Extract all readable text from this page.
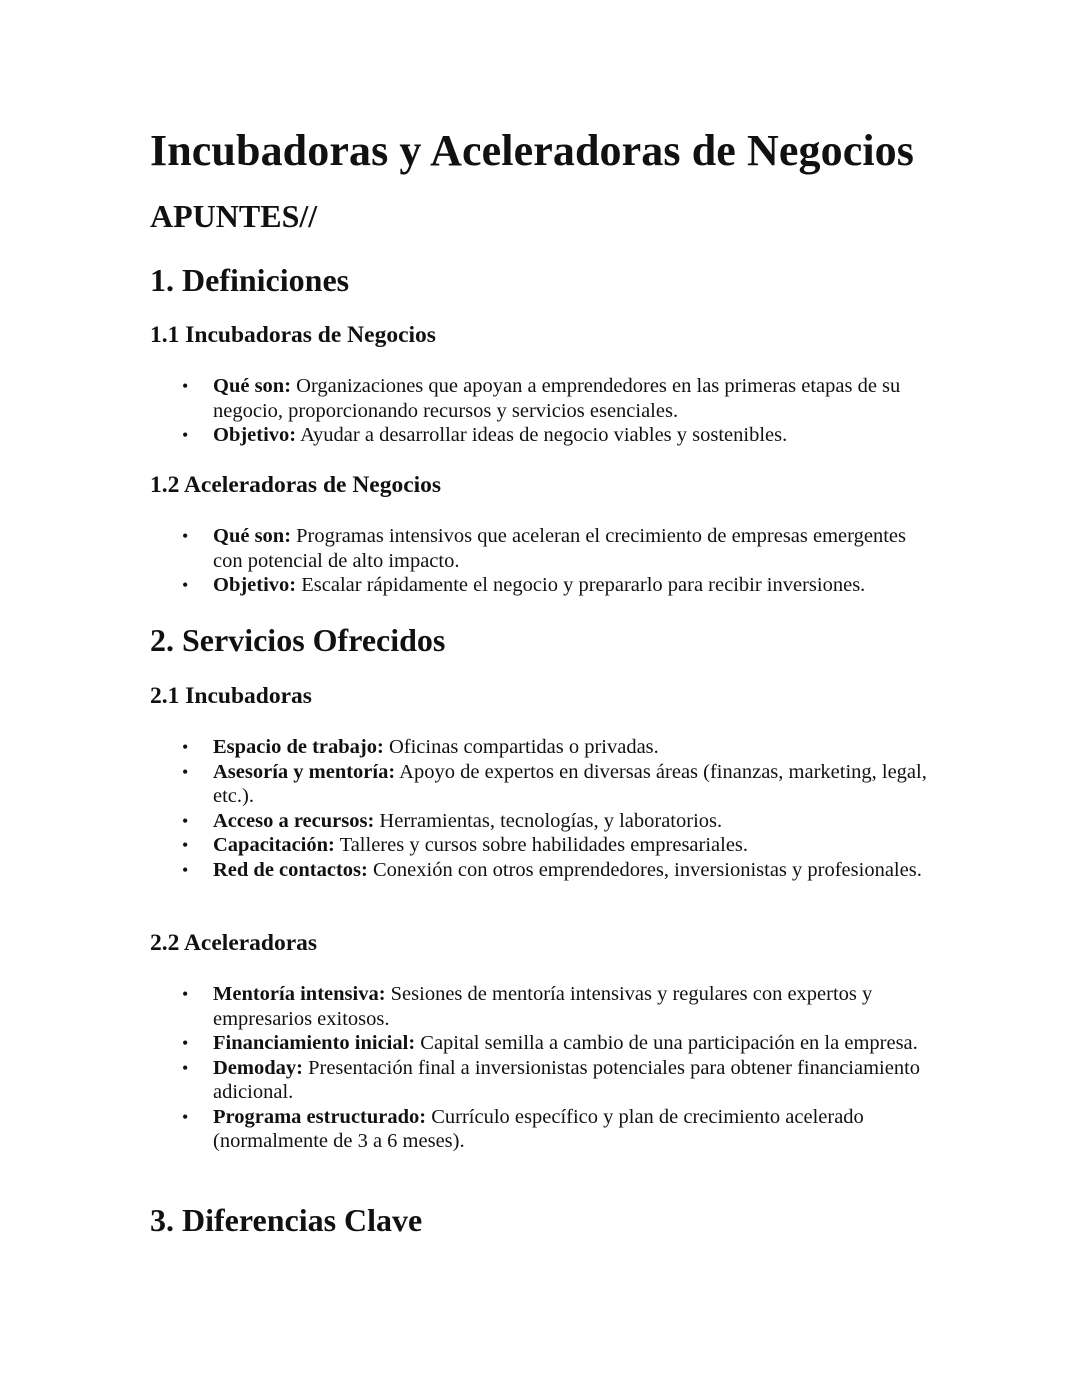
Incubadoras y Aceleradoras de Negocios
APUNTES//
1. Definiciones
1.1 Incubadoras de Negocios
• Qué son: Organizaciones que apoyan a emprendedores en las primeras etapas de su negocio, proporcionando recursos y servicios esenciales.
• Objetivo: Ayudar a desarrollar ideas de negocio viables y sostenibles.
1.2 Aceleradoras de Negocios
• Qué son: Programas intensivos que aceleran el crecimiento de empresas emergentes con potencial de alto impacto.
• Objetivo: Escalar rápidamente el negocio y prepararlo para recibir inversiones.
2. Servicios Ofrecidos
2.1 Incubadoras
• Espacio de trabajo: Oficinas compartidas o privadas.
• Asesoría y mentoría: Apoyo de expertos en diversas áreas (finanzas, marketing, legal, etc.).
• Acceso a recursos: Herramientas, tecnologías, y laboratorios.
• Capacitación: Talleres y cursos sobre habilidades empresariales.
• Red de contactos: Conexión con otros emprendedores, inversionistas y profesionales.
2.2 Aceleradoras
• Mentoría intensiva: Sesiones de mentoría intensivas y regulares con expertos y empresarios exitosos.
• Financiamiento inicial: Capital semilla a cambio de una participación en la empresa.
• Demoday: Presentación final a inversionistas potenciales para obtener financiamiento adicional.
• Programa estructurado: Currículo específico y plan de crecimiento acelerado (normalmente de 3 a 6 meses).
3. Diferencias Clave
